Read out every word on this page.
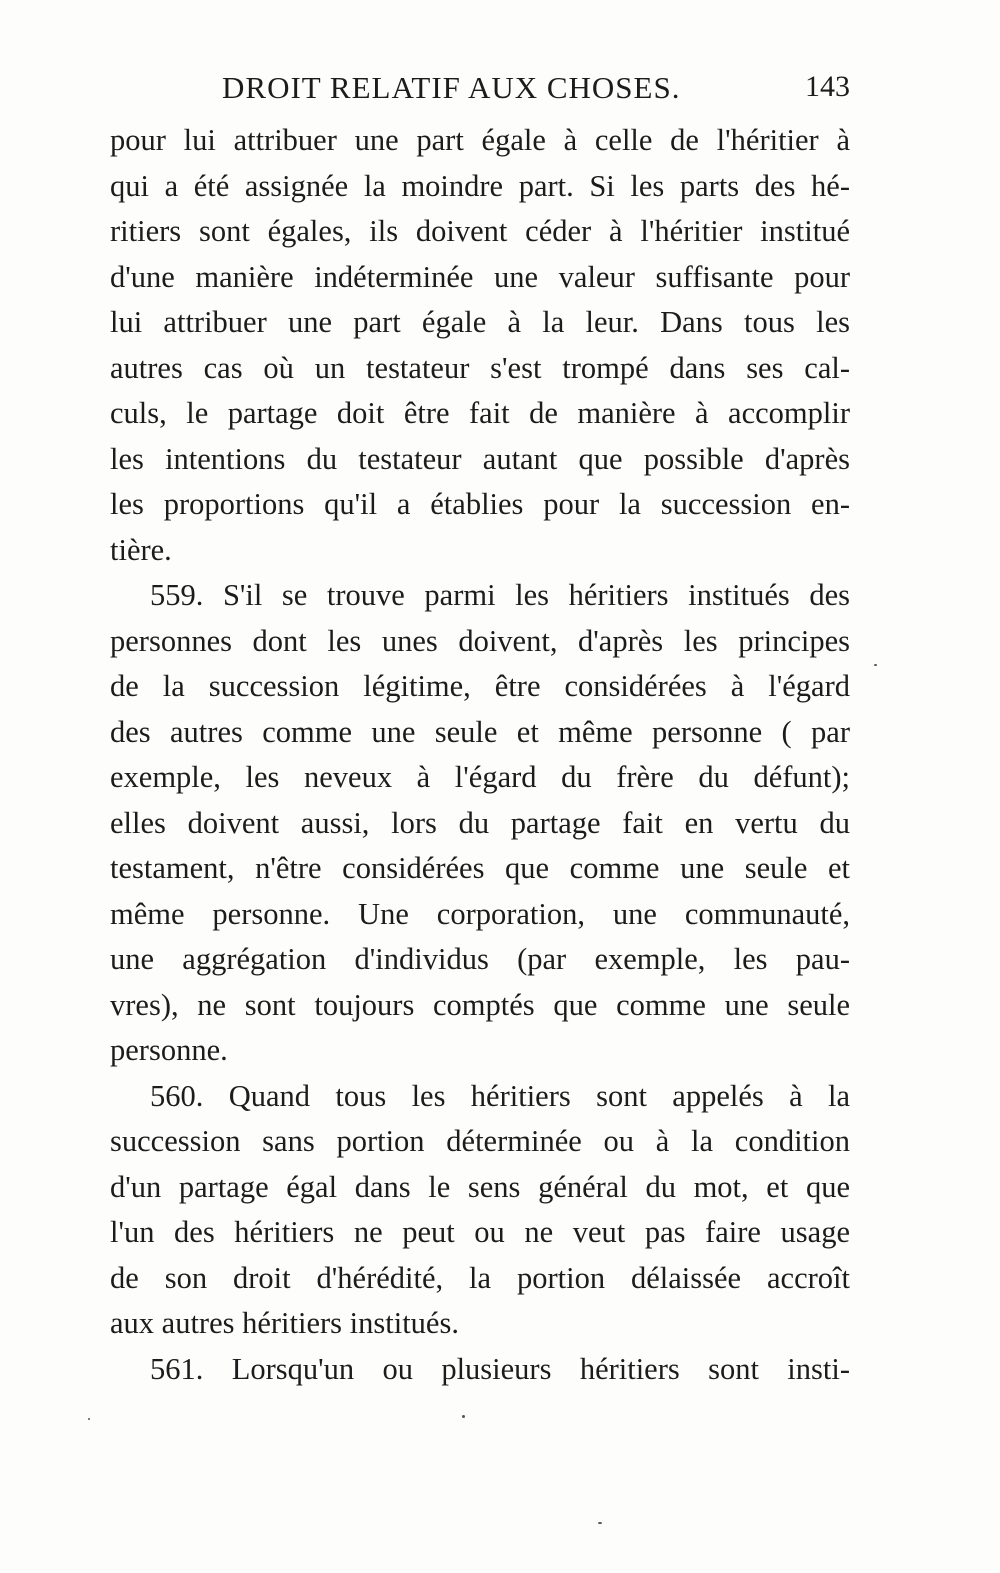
DROIT RELATIF AUX CHOSES.	143
pour lui attribuer une part égale à celle de l'héritier à
qui a été assignée la moindre part. Si les parts des hé-
ritiers sont égales, ils doivent céder à l'héritier institué
d'une manière indéterminée une valeur suffisante pour
lui attribuer une part égale à la leur. Dans tous les
autres cas où un testateur s'est trompé dans ses cal-
culs, le partage doit être fait de manière à accomplir
les intentions du testateur autant que possible d'après
les proportions qu'il a établies pour la succession en-
tière.
559. S'il se trouve parmi les héritiers institués des
personnes dont les unes doivent, d'après les principes
de la succession légitime, être considérées à l'égard
des autres comme une seule et même personne ( par
exemple, les neveux à l'égard du frère du défunt);
elles doivent aussi, lors du partage fait en vertu du
testament, n'être considérées que comme une seule et
même personne. Une corporation, une communauté,
une aggrégation d'individus (par exemple, les pau-
vres), ne sont toujours comptés que comme une seule
personne.
560. Quand tous les héritiers sont appelés à la
succession sans portion déterminée ou à la condition
d'un partage égal dans le sens général du mot, et que
l'un des héritiers ne peut ou ne veut pas faire usage
de son droit d'hérédité, la portion délaissée accroît
aux autres héritiers institués.
561. Lorsqu'un ou plusieurs héritiers sont insti-
